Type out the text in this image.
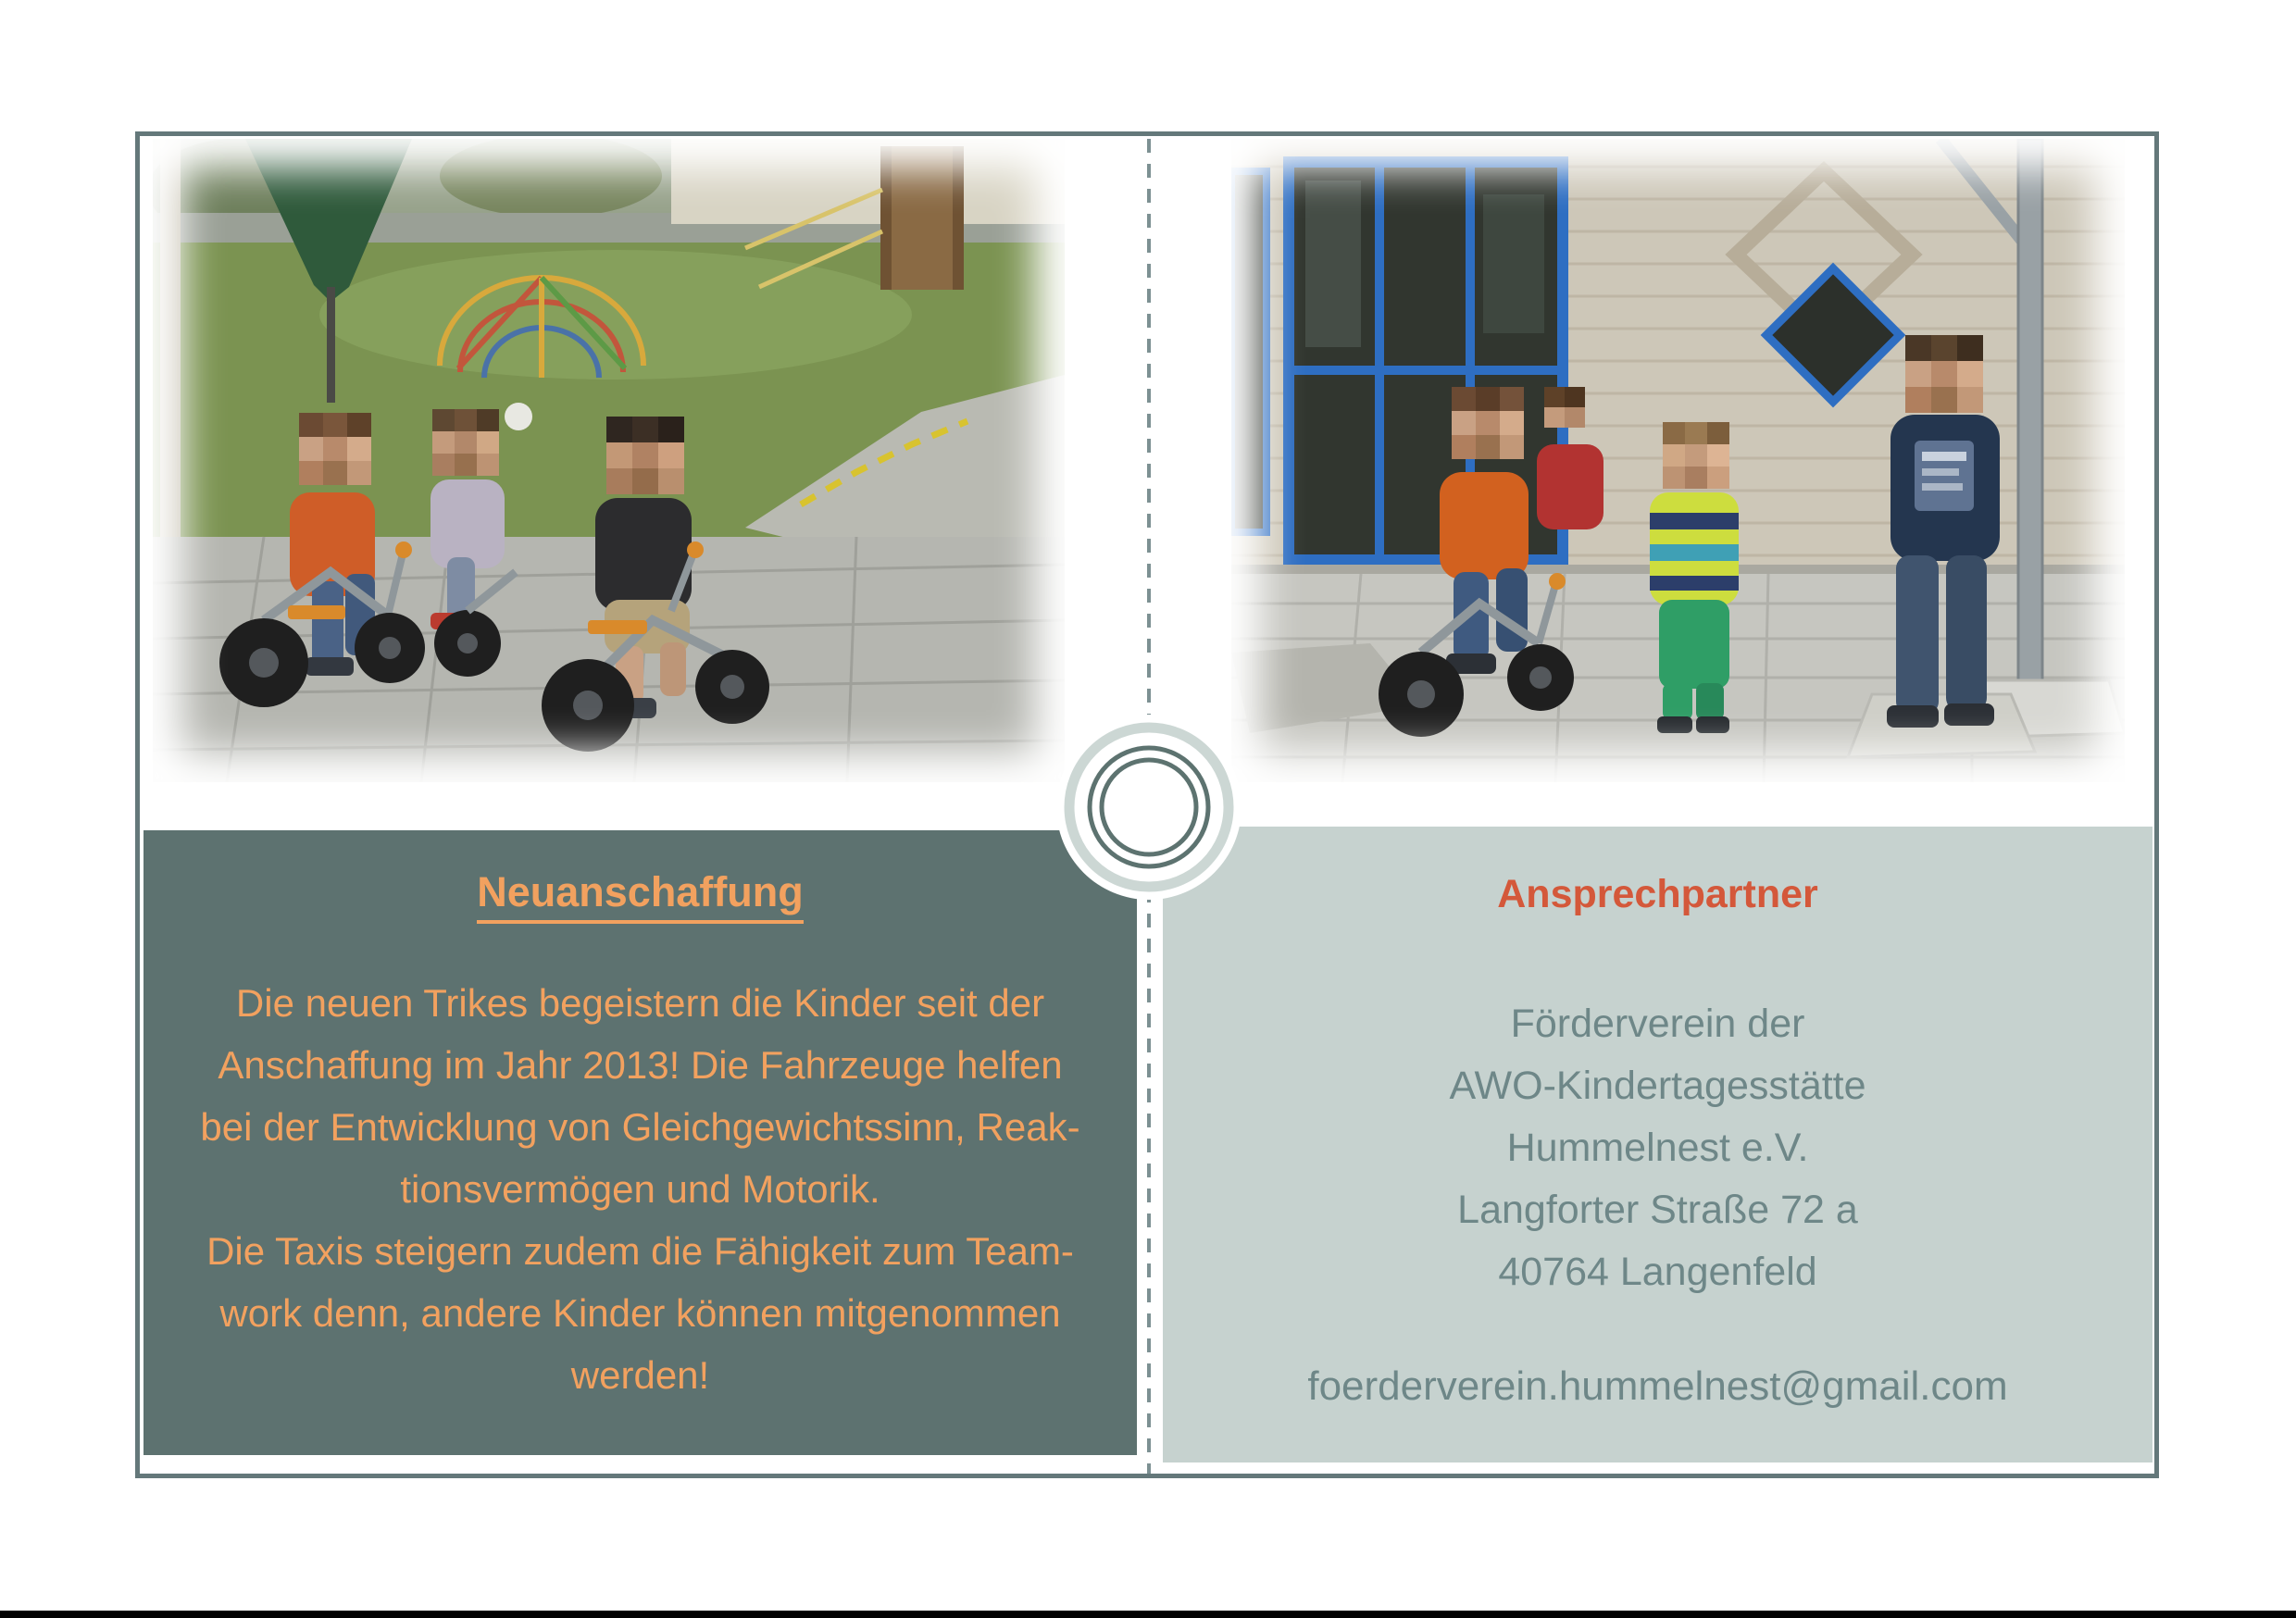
Neuanschaffung
Die neuen Trikes begeistern die Kinder seit der
Anschaffung im Jahr 2013! Die Fahrzeuge helfen
bei der Entwicklung von Gleichgewichtssinn, Reak-
tionsvermögen und Motorik.
Die Taxis steigern zudem die Fähigkeit zum Team-
work denn, andere Kinder können mitgenommen
werden!
Ansprechpartner
Förderverein der
AWO-Kindertagesstätte
Hummelnest e.V.
Langforter Straße 72 a
40764 Langenfeld
foerderverein.hummelnest@gmail.com
